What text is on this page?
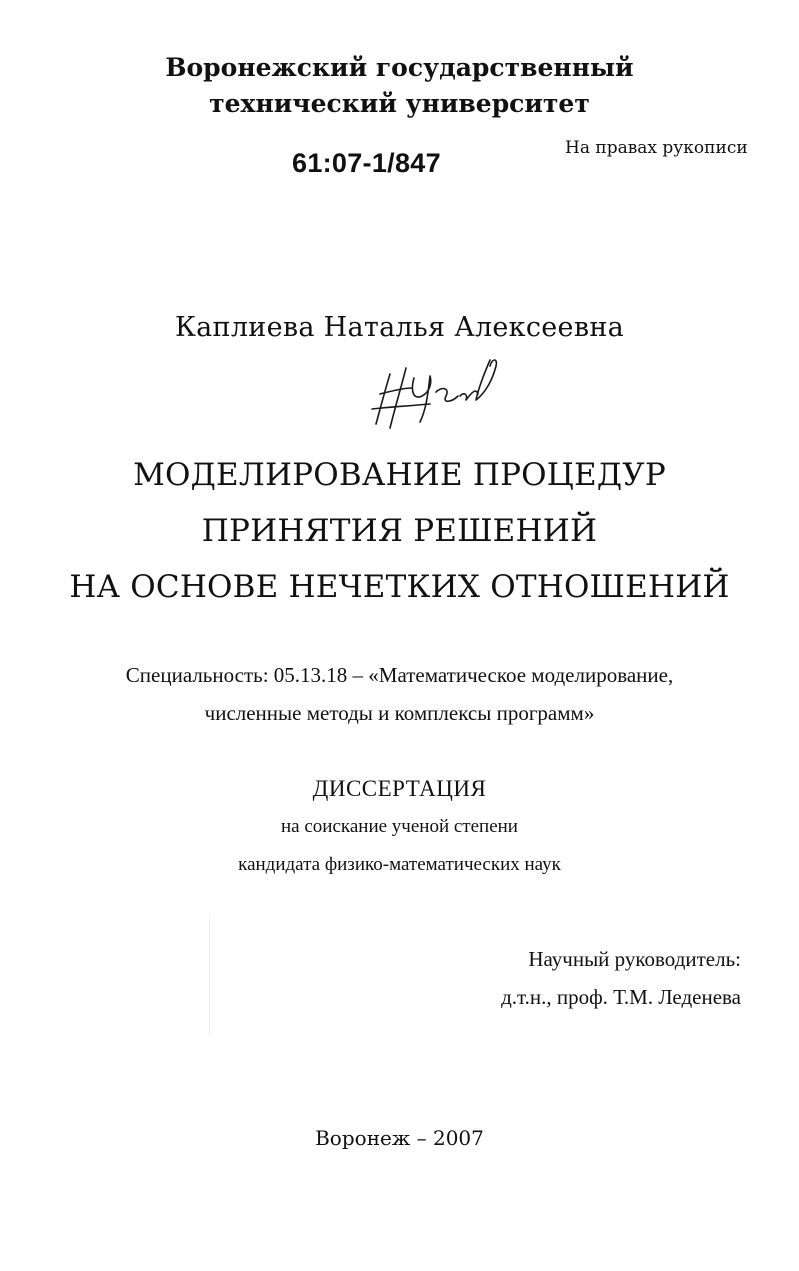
Воронежский государственный
технический университет
61:07-1/847	На правах рукописи
Каплиева Наталья Алексеевна
МОДЕЛИРОВАНИЕ ПРОЦЕДУР
ПРИНЯТИЯ РЕШЕНИЙ
НА ОСНОВЕ НЕЧЕТКИХ ОТНОШЕНИЙ
Специальность: 05.13.18 – «Математическое моделирование,
численные методы и комплексы программ»
ДИССЕРТАЦИЯ
на соискание ученой степени
кандидата физико-математических наук
Научный руководитель:
д.т.н., проф. Т.М. Леденева
Воронеж – 2007
